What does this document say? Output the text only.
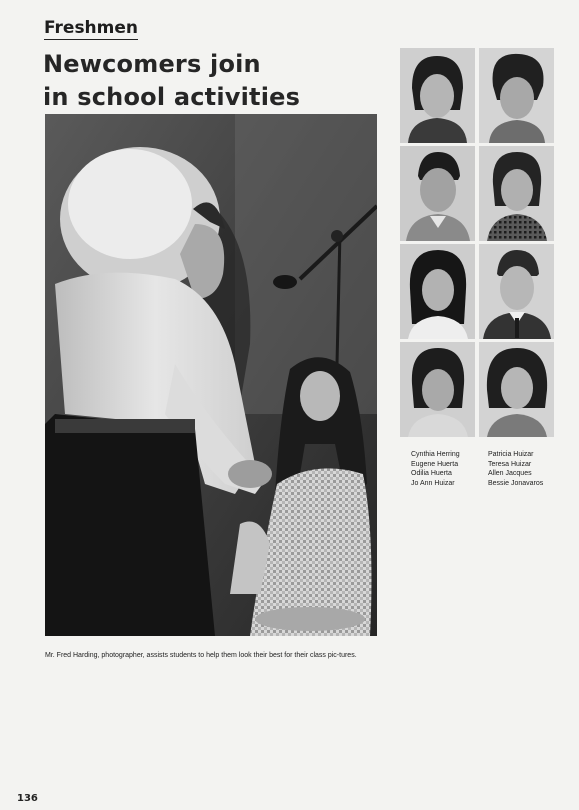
Freshmen
Newcomers join
in school activities
Mr. Fred Harding, photographer, assists students to help them look their best for their class pic-tures.
Cynthia Herring
Eugene Huerta
Odilia Huerta
Jo Ann Huizar
Patricia Huizar
Teresa Huizar
Allen Jacques
Bessie Jonavaros
136
